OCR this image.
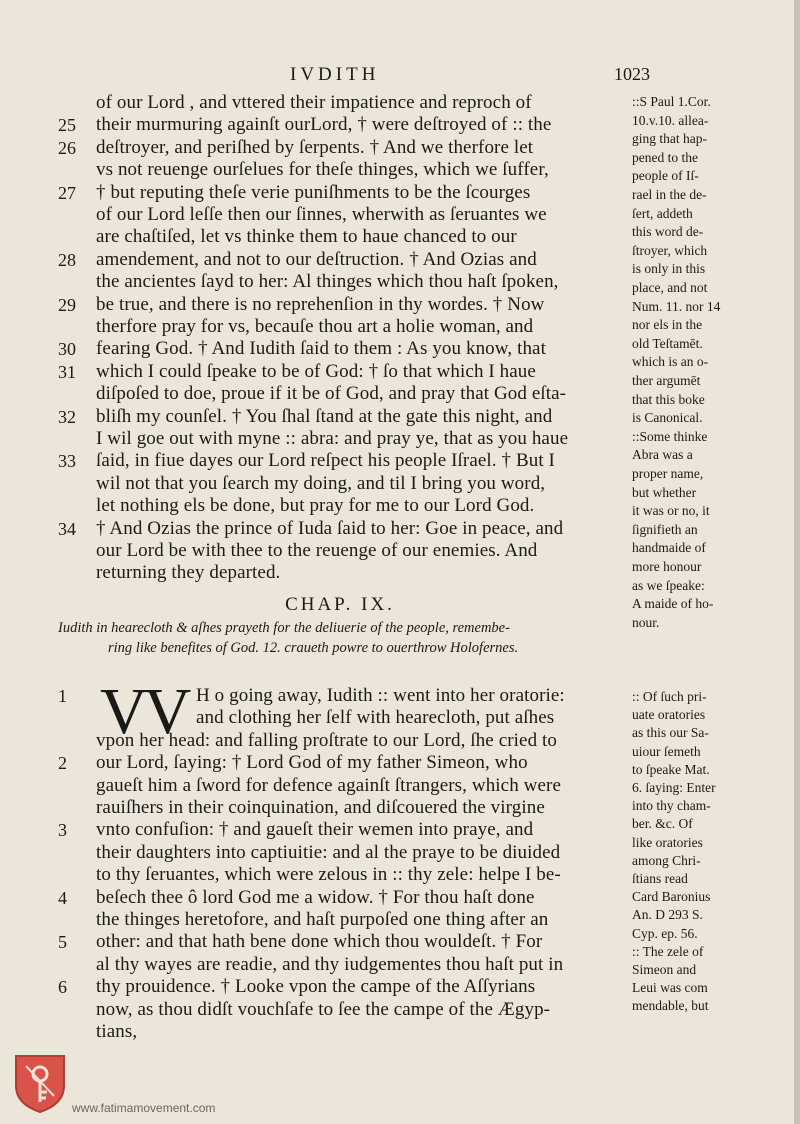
IVDITH	1023
of our Lord , and vttered their impatience and reproch of
25	their murmuring againſt ourLord, † were deſtroyed of :: the
26	deſtroyer, and periſhed by ſerpents. † And we therfore let
vs not reuenge ourſelues for theſe thinges, which we ſuffer,
27	† but reputing theſe verie puniſhments to be the ſcourges
of our Lord leſſe then our ſinnes, wherwith as ſeruantes we
are chaſtiſed, let vs thinke them to haue chanced to our
28	amendement, and not to our deſtruction. † And Ozias and
the ancientes ſayd to her: Al thinges which thou haſt ſpoken,
29	be true, and there is no reprehenſion in thy wordes. † Now
therfore pray for vs, becauſe thou art a holie woman, and
30	fearing God. † And Iudith ſaid to them : As you know, that
31	which I could ſpeake to be of God: † ſo that which I haue
diſpoſed to doe, proue if it be of God, and pray that God eſta-
32	bliſh my counſel. † You ſhal ſtand at the gate this night, and
I wil goe out with myne :: abra: and pray ye, that as you haue
33	ſaid, in fiue dayes our Lord reſpect his people Iſrael. † But I
wil not that you ſearch my doing, and til I bring you word,
let nothing els be done, but pray for me to our Lord God.
34	† And Ozias the prince of Iuda ſaid to her: Goe in peace, and
our Lord be with thee to the reuenge of our enemies. And
returning they departed.
1	H o going away, Iudith :: went into her oratorie:
and clothing her ſelf with hearecloth, put aſhes
vpon her head: and falling proſtrate to our Lord, ſhe cried to
2	our Lord, ſaying: † Lord God of my father Simeon, who
gaueſt him a ſword for defence againſt ſtrangers, which were
rauiſhers in their coinquination, and diſcouered the virgine
3	vnto confuſion: † and gaueſt their wemen into praye, and
their daughters into captiuitie: and al the praye to be diuided
to thy ſeruantes, which were zelous in :: thy zele: helpe I be-
4	beſech thee ô lord God me a widow. † For thou haſt done
the thinges heretofore, and haſt purpoſed one thing after an
5	other: and that hath bene done which thou wouldeſt. † For
al thy wayes are readie, and thy iudgementes thou haſt put in
6	thy prouidence. † Looke vpon the campe of the Aſſyrians
now, as thou didſt vouchſafe to ſee the campe of the Ægyp-
tians,
CHAP. IX.
Iudith in hearecloth & aſhes prayeth for the deliuerie of the people, remembe-
ring like benefites of God. 12. craueth powre to ouerthrow Holofernes.
VV
::S Paul 1.Cor.
10.v.10. allea-
ging that hap-
pened to the
people of Iſ-
rael in the de-
ſert, addeth
this word de-
ſtroyer, which
is only in this
place, and not
Num. 11. nor 14
nor els in the
old Teſtamēt.
which is an o-
ther argumēt
that this boke
is Canonical.
::Some thinke
Abra was a
proper name,
but whether
it was or no, it
ſignifieth an
handmaide of
more honour
as we ſpeake:
A maide of ho-
nour.
:: Of ſuch pri-
uate oratories
as this our Sa-
uiour ſemeth
to ſpeake Mat.
6. ſaying: Enter
into thy cham-
ber. &c. Of
like oratories
among Chri-
ſtians read
Card Baronius
An. D 293 S.
Cyp. ep. 56.
:: The zele of
Simeon and
Leui was com
mendable, but
www.fatimamovement.com
